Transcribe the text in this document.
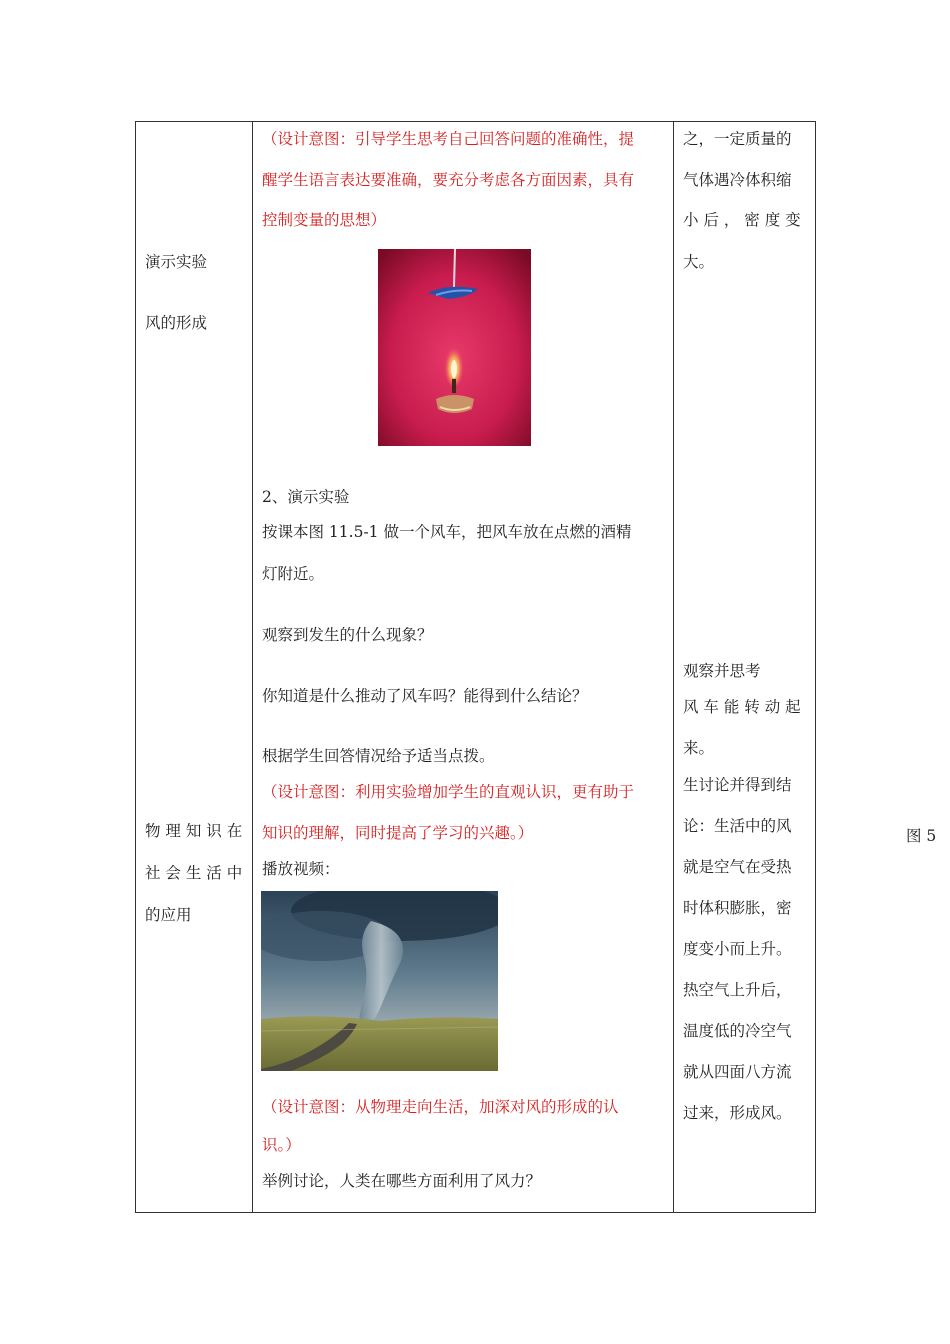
演示实验
风的形成
物 理 知 识 在
社 会 生 活 中
的应用
（设计意图：引导学生思考自己回答问题的准确性，提
醒学生语言表达要准确，要充分考虑各方面因素，具有
控制变量的思想）
2、演示实验
按课本图 11.5-1 做一个风车，把风车放在点燃的酒精
灯附近。
观察到发生的什么现象？
你知道是什么推动了风车吗？能得到什么结论？
根据学生回答情况给予适当点拨。
（设计意图：利用实验增加学生的直观认识，更有助于
知识的理解，同时提高了学习的兴趣。）
播放视频：
（设计意图：从物理走向生活，加深对风的形成的认
识。）
举例讨论，人类在哪些方面利用了风力？
之，一定质量的
气体遇冷体积缩
小 后 ， 密 度 变
大。
观察并思考
风 车 能 转 动 起
来。
生讨论并得到结
论：生活中的风
就是空气在受热
时体积膨胀，密
度变小而上升。
热空气上升后，
温度低的冷空气
就从四面八方流
过来，形成风。
图 5
